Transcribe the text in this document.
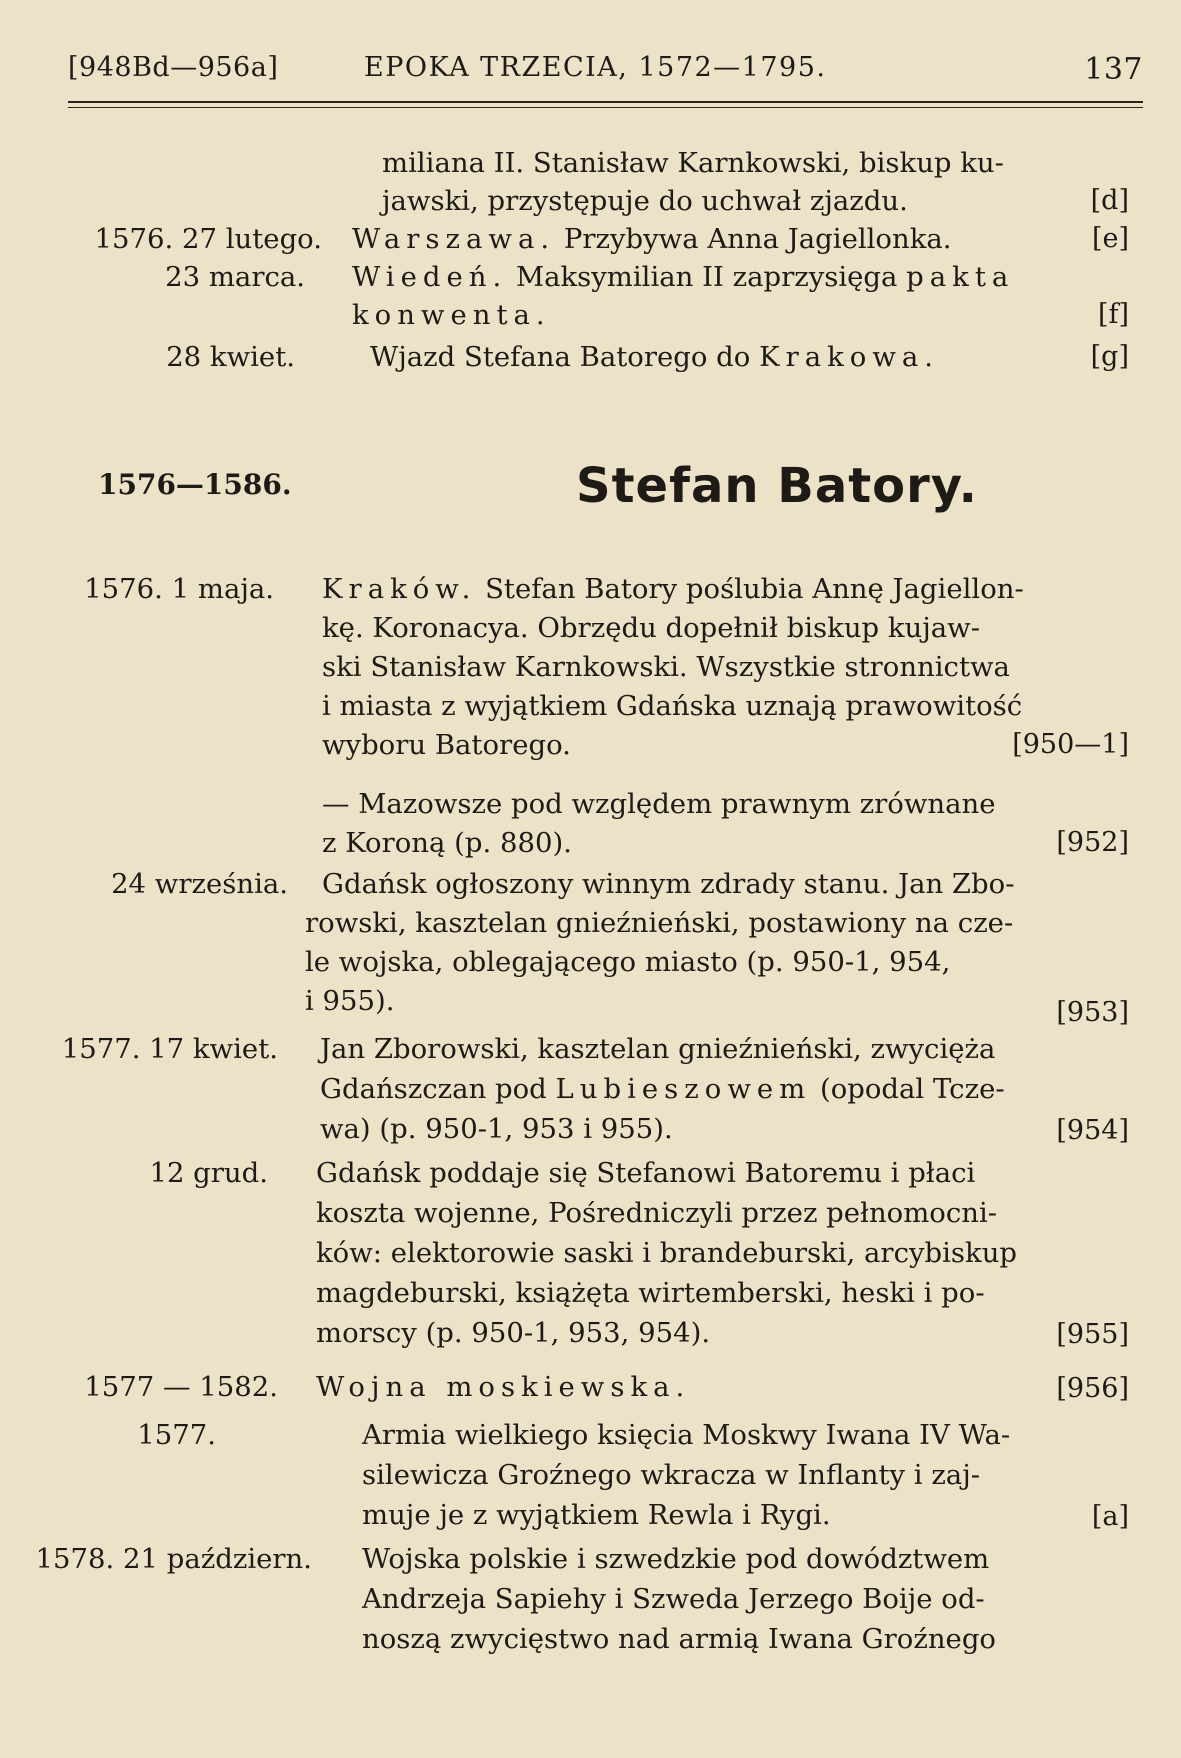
[948Bd—956a]	EPOKA TRZECIA, 1572—1795.	137
miliana II. Stanisław Karnkowski, biskup ku-
jawski, przystępuje do uchwał zjazdu.	[d]
1576. 27 lutego. Warszawa. Przybywa Anna Jagiellonka.	[e]
23 marca. Wiedeń. Maksymilian II zaprzysięga pakta
konwenta.	[f]
28 kwiet.	Wjazd Stefana Batorego do Krakowa.	[g]
1576—1586.	Stefan Batory.
1576. 1 maja. Kraków. Stefan Batory poślubia Annę Jagiellon-
kę. Koronacya. Obrzędu dopełnił biskup kujaw-
ski Stanisław Karnkowski. Wszystkie stronnictwa
i miasta z wyjątkiem Gdańska uznają prawowitość
wyboru Batorego.	[950—1]
— Mazowsze pod względem prawnym zrównane
z Koroną (p. 880).	[952]
24 września. Gdańsk ogłoszony winnym zdrady stanu. Jan Zbo-
rowski, kasztelan gnieźnieński, postawiony na cze-
le wojska, oblegającego miasto (p. 950-1, 954,
i 955).	[953]
1577. 17 kwiet. Jan Zborowski, kasztelan gnieźnieński, zwycięża
Gdańszczan pod Lubieszowem (opodal Tcze-
wa) (p. 950-1, 953 i 955).	[954]
12 grud. Gdańsk poddaje się Stefanowi Batoremu i płaci
koszta wojenne, Pośredniczyli przez pełnomocni-
ków: elektorowie saski i brandeburski, arcybiskup
magdeburski, książęta wirtemberski, heski i po-
morscy (p. 950-1, 953, 954).	[955]
1577 — 1582. Wojna moskiewska.	[956]
1577.	Armia wielkiego księcia Moskwy Iwana IV Wa-
silewicza Groźnego wkracza w Inflanty i zaj-
muje je z wyjątkiem Rewla i Rygi.	[a]
1578. 21 październ. Wojska polskie i szwedzkie pod dowództwem
Andrzeja Sapiehy i Szweda Jerzego Boije od-
noszą zwycięstwo nad armią Iwana Groźnego
